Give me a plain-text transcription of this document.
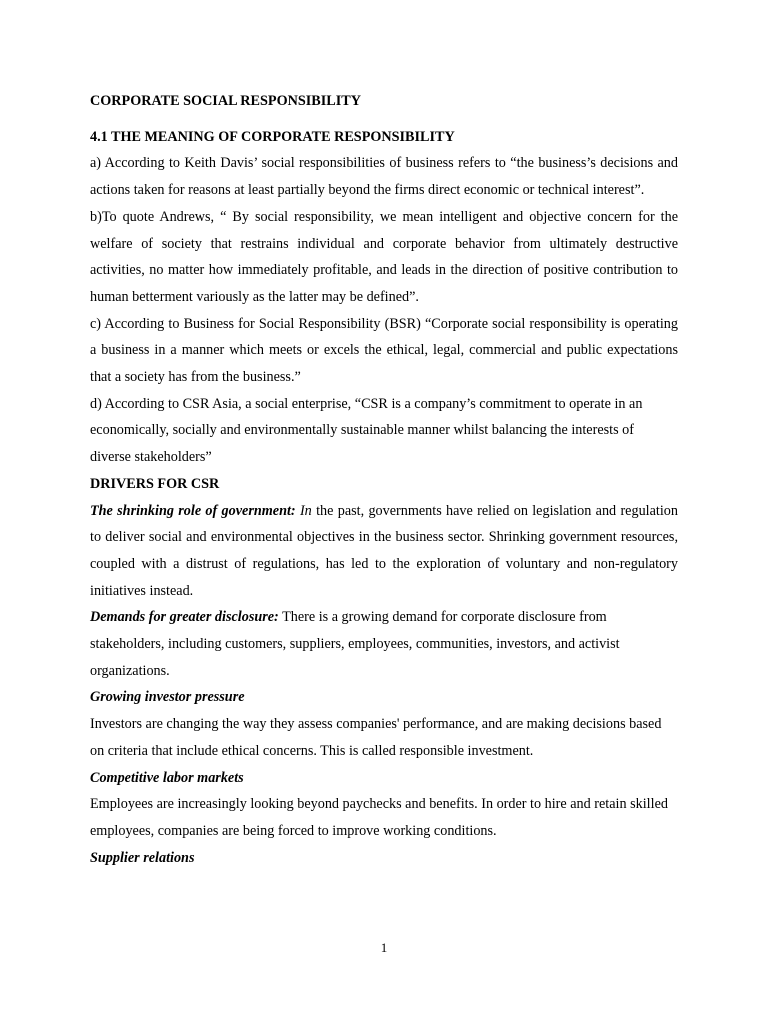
CORPORATE SOCIAL RESPONSIBILITY

4.1 THE MEANING OF CORPORATE RESPONSIBILITY

a) According to Keith Davis’ social responsibilities of business refers to “the business’s decisions and actions taken for reasons at least partially beyond the firms direct economic or technical interest”.

b)To quote Andrews, “ By social responsibility, we mean intelligent and objective concern for the welfare of society that restrains individual and corporate behavior from ultimately destructive activities, no matter how immediately profitable, and leads in the direction of positive contribution to human betterment variously as the latter may be defined”.

c) According to Business for Social Responsibility (BSR) “Corporate social responsibility is operating a business in a manner which meets or excels the ethical, legal, commercial and public expectations that a society has from the business.”

d) According to CSR Asia, a social enterprise, “CSR is a company’s commitment to operate in an economically, socially and environmentally sustainable manner whilst balancing the interests of diverse stakeholders”

DRIVERS FOR CSR

The shrinking role of government: In the past, governments have relied on legislation and regulation to deliver social and environmental objectives in the business sector. Shrinking government resources, coupled with a distrust of regulations, has led to the exploration of voluntary and non-regulatory initiatives instead.

Demands for greater disclosure: There is a growing demand for corporate disclosure from stakeholders, including customers, suppliers, employees, communities, investors, and activist organizations.

Growing investor pressure

Investors are changing the way they assess companies' performance, and are making decisions based on criteria that include ethical concerns. This is called responsible investment.

Competitive labor markets

Employees are increasingly looking beyond paychecks and benefits. In order to hire and retain skilled employees, companies are being forced to improve working conditions.

Supplier relations

1
